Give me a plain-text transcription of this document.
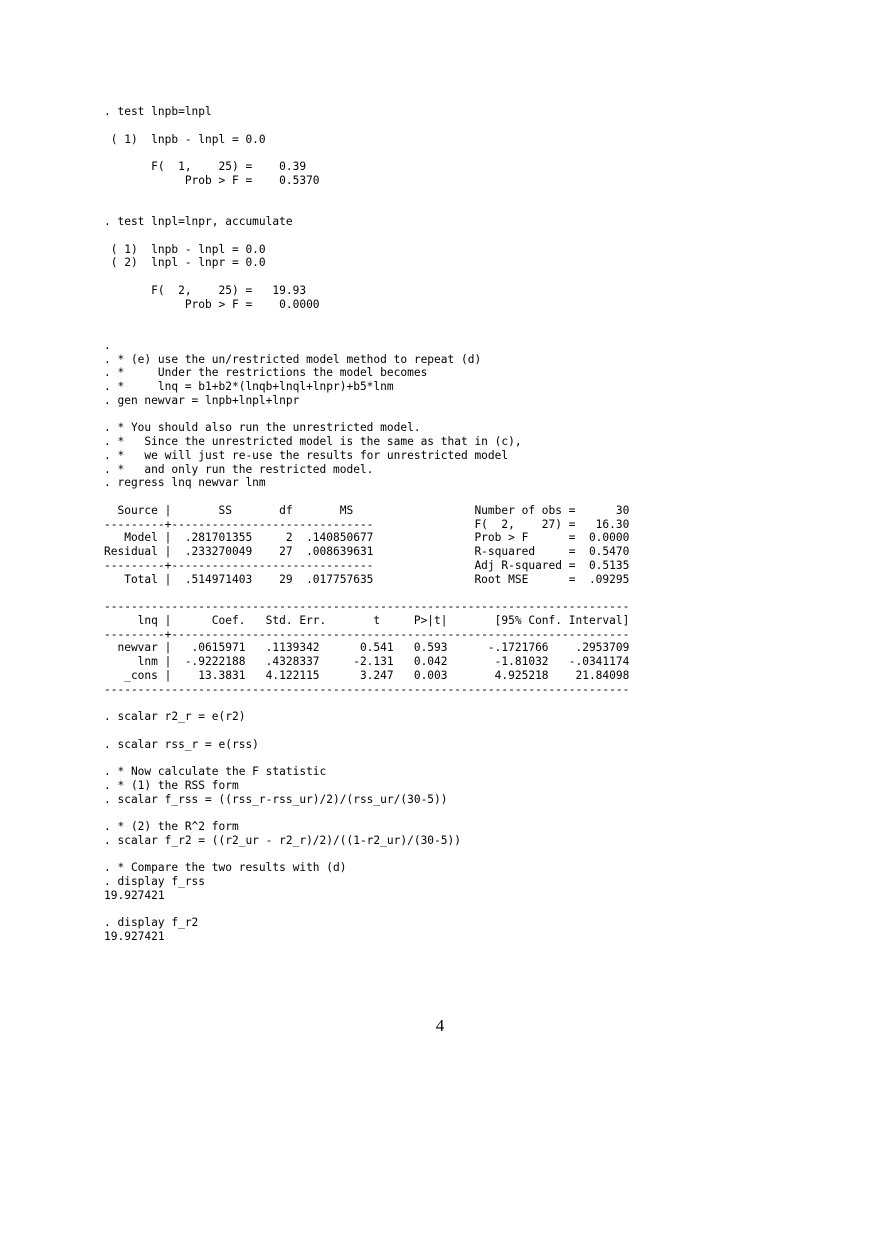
. test lnpb=lnpl

( 1)  lnpb - lnpl = 0.0

F(  1,    25) =    0.39
Prob > F =    0.5370

. test lnpl=lnpr, accumulate

( 1)  lnpb - lnpl = 0.0
( 2)  lnpl - lnpr = 0.0

F(  2,    25) =   19.93
Prob > F =    0.0000

.
. * (e) use the un/restricted model method to repeat (d)
. *     Under the restrictions the model becomes
. *     lnq = b1+b2*(lnqb+lnql+lnpr)+b5*lnm
. gen newvar = lnpb+lnpl+lnpr

. * You should also run the unrestricted model.
. *   Since the unrestricted model is the same as that in (c),
. *   we will just re-use the results for unrestricted model
. *   and only run the restricted model.
. regress lnq newvar lnm

Source |       SS       df       MS                  Number of obs =      30
---------+------------------------------               F(  2,    27) =   16.30
Model |  .281701355     2  .140850677               Prob > F      =  0.0000
Residual |  .233270049    27  .008639631               R-squared     =  0.5470
---------+------------------------------               Adj R-squared =  0.5135
Total |  .514971403    29  .017757635               Root MSE      =  .09295

------------------------------------------------------------------------------
lnq |      Coef.   Std. Err.       t     P>|t|       [95% Conf. Interval]
---------+--------------------------------------------------------------------
newvar |   .0615971   .1139342      0.541   0.593      -.1721766    .2953709
lnm |  -.9222188   .4328337     -2.131   0.042       -1.81032   -.0341174
_cons |    13.3831   4.122115      3.247   0.003       4.925218    21.84098
------------------------------------------------------------------------------

. scalar r2_r = e(r2)

. scalar rss_r = e(rss)

. * Now calculate the F statistic
. * (1) the RSS form
. scalar f_rss = ((rss_r-rss_ur)/2)/(rss_ur/(30-5))

. * (2) the R^2 form
. scalar f_r2 = ((r2_ur - r2_r)/2)/((1-r2_ur)/(30-5))

. * Compare the two results with (d)
. display f_rss
19.927421

. display f_r2
19.927421
4
